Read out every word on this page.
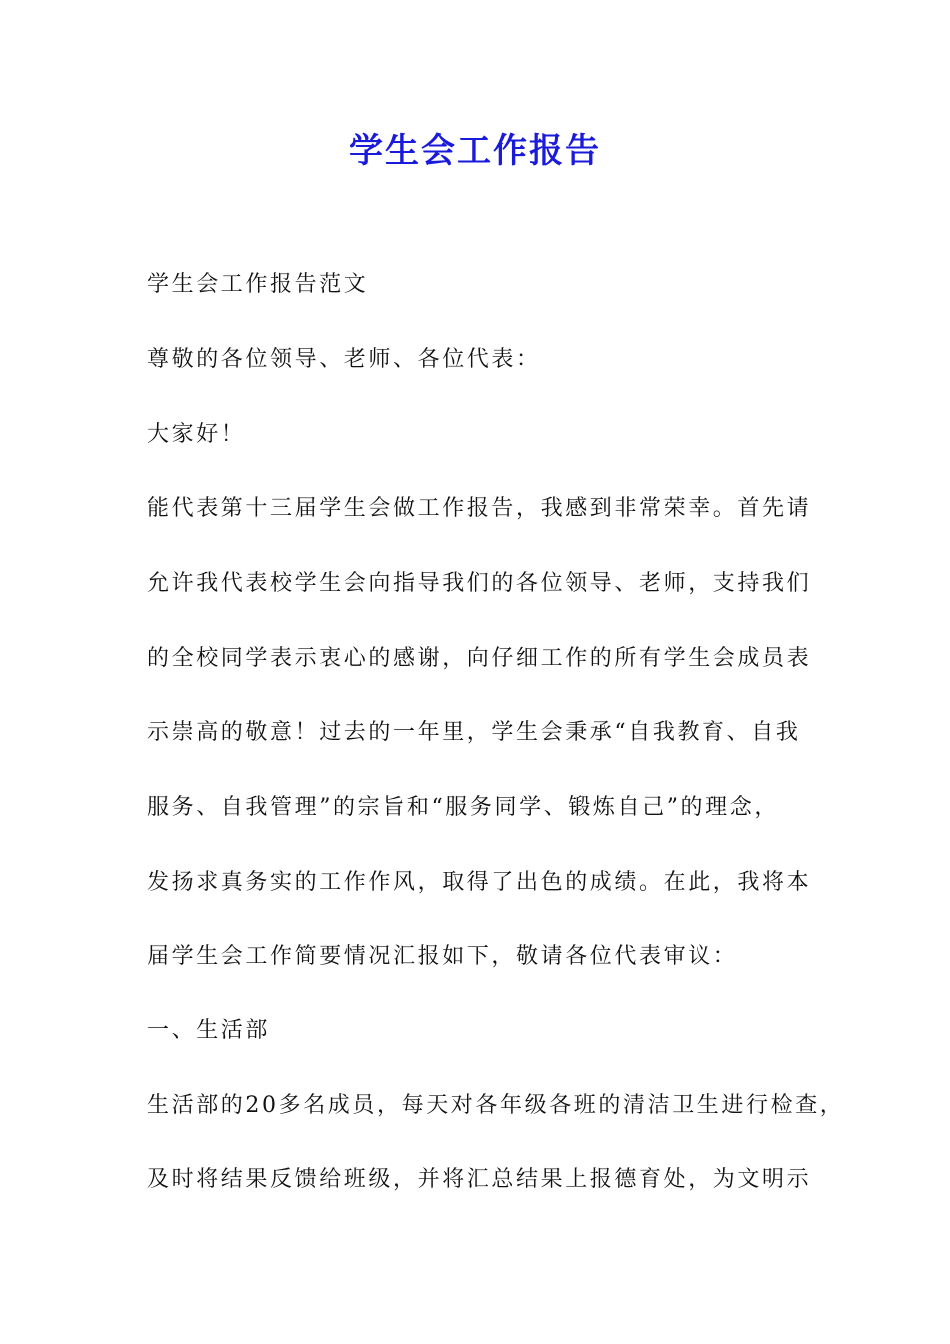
学生会工作报告
学生会工作报告范文
尊敬的各位领导、老师、各位代表：
大家好！
能代表第十三届学生会做工作报告，我感到非常荣幸。首先请
允许我代表校学生会向指导我们的各位领导、老师，支持我们
的全校同学表示衷心的感谢，向仔细工作的所有学生会成员表
示崇高的敬意！过去的一年里，学生会秉承“自我教育、自我
服务、自我管理”的宗旨和“服务同学、锻炼自己”的理念，
发扬求真务实的工作作风，取得了出色的成绩。在此，我将本
届学生会工作简要情况汇报如下，敬请各位代表审议：
一、生活部
生活部的20多名成员，每天对各年级各班的清洁卫生进行检查，
及时将结果反馈给班级，并将汇总结果上报德育处，为文明示
